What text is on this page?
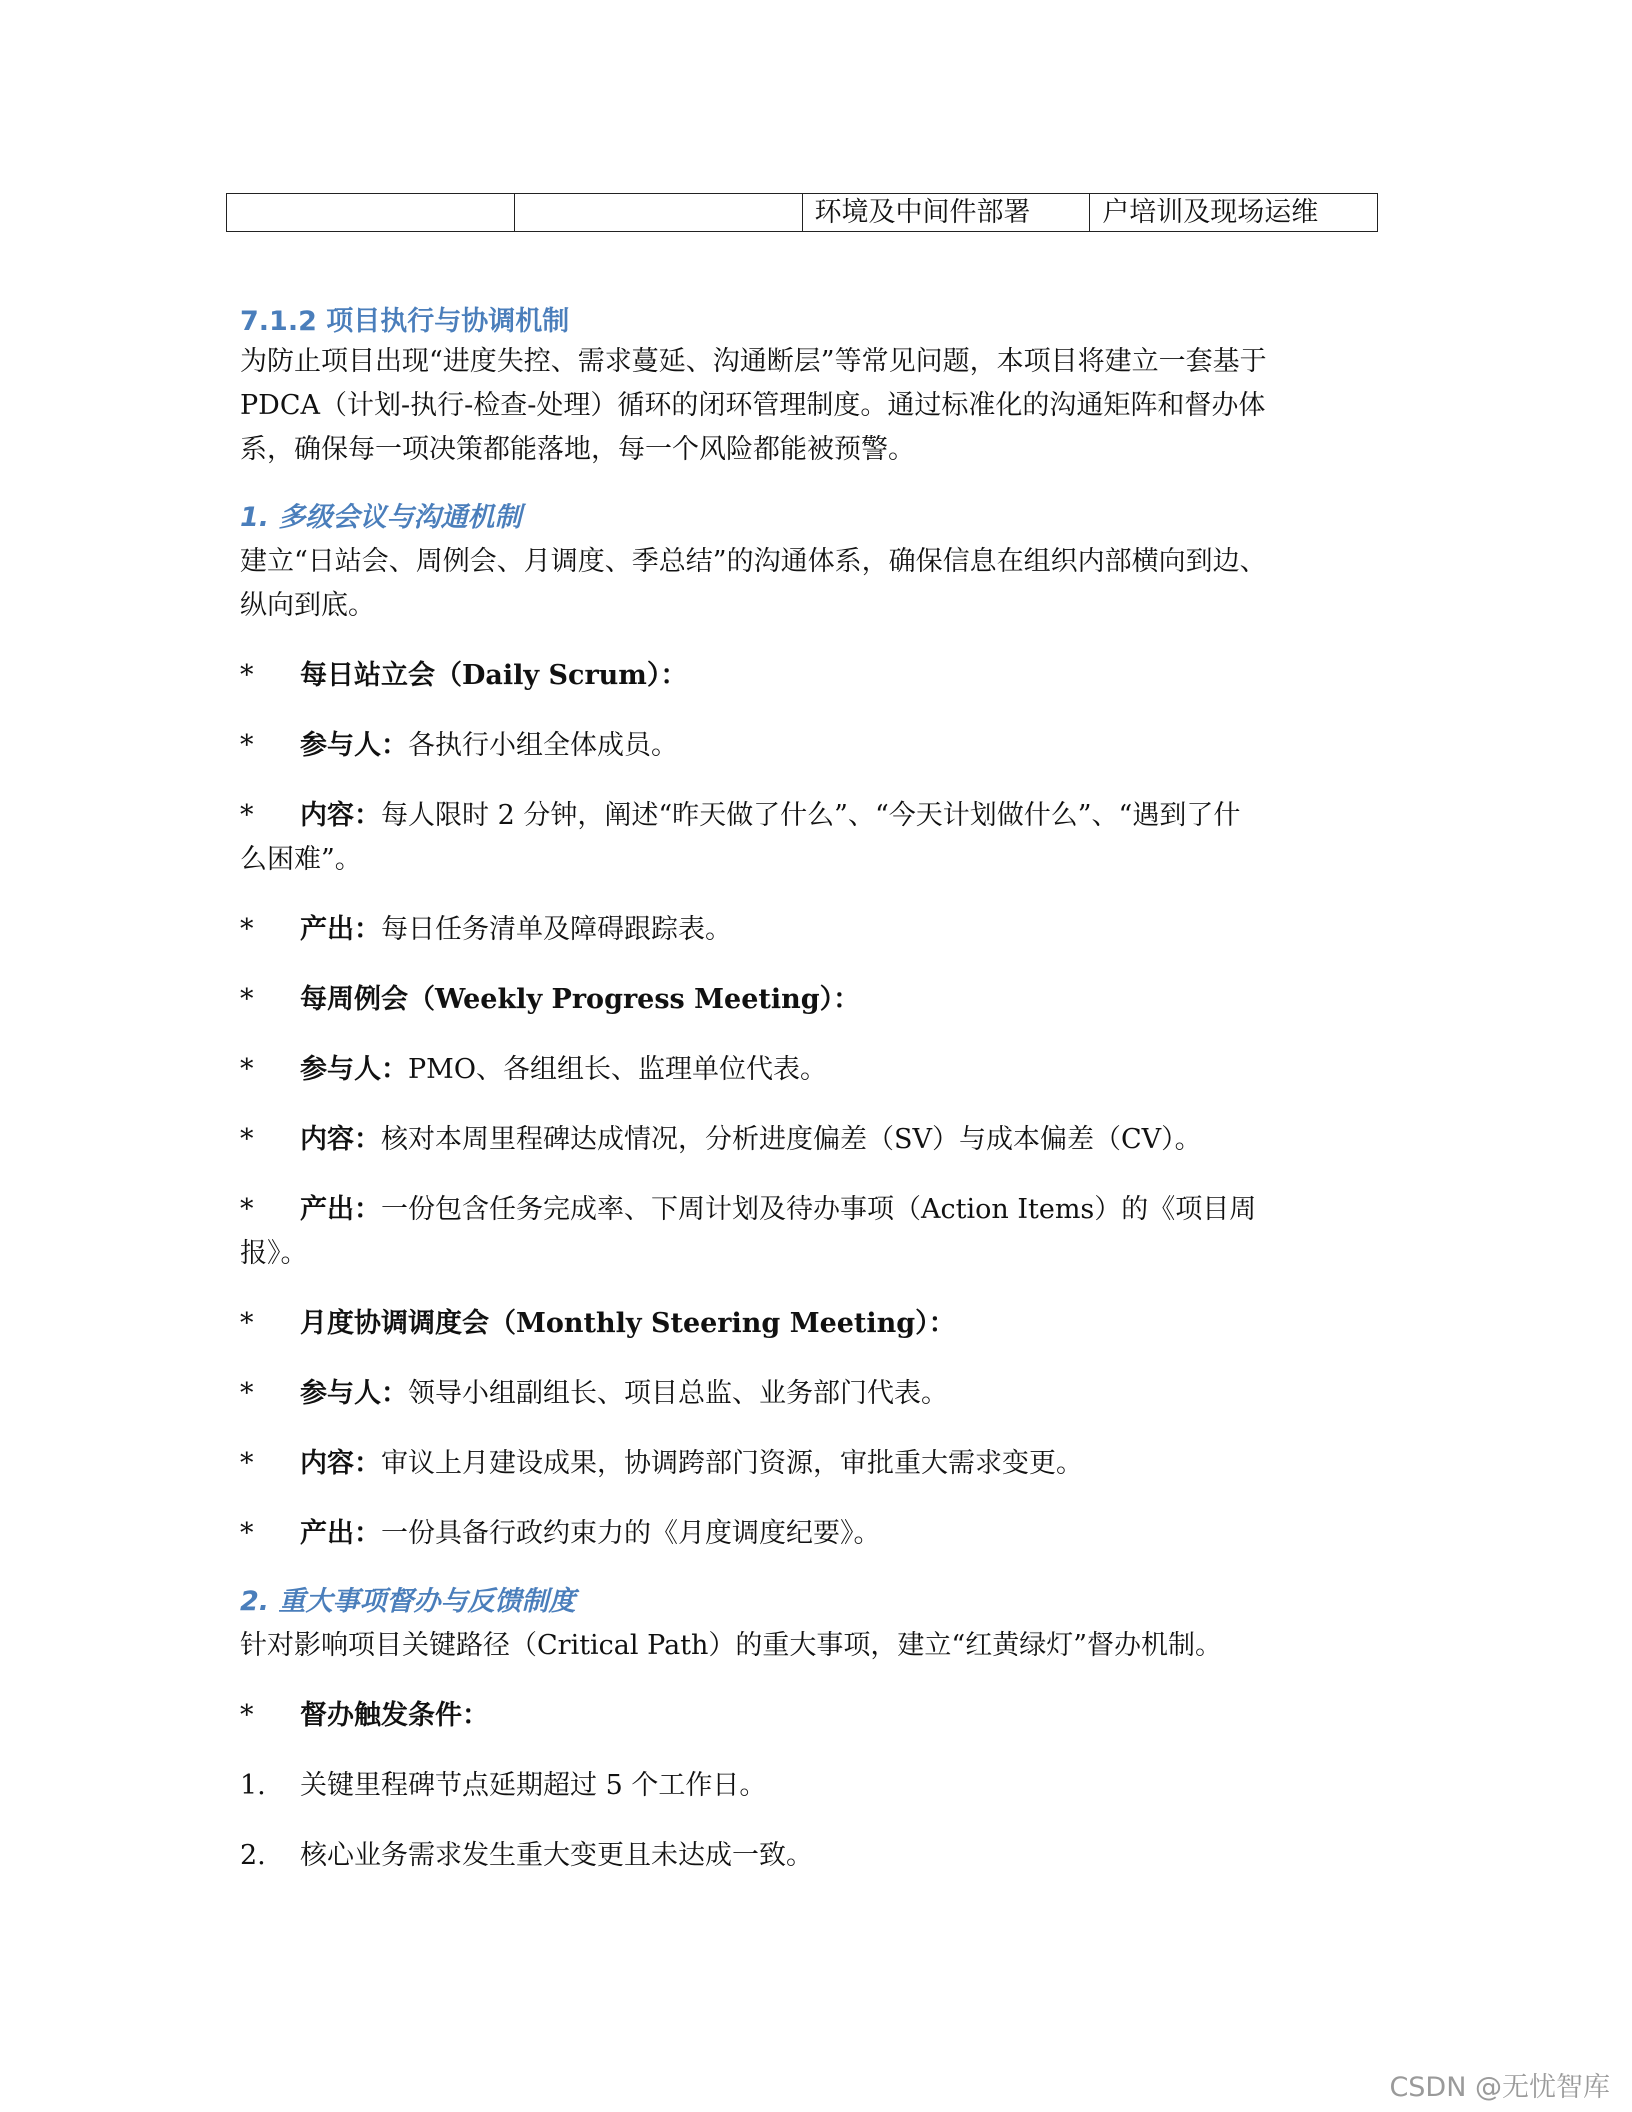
		环境及中间件部署	户培训及现场运维
7.1.2 项目执行与协调机制

为防止项目出现“进度失控、需求蔓延、沟通断层”等常见问题，本项目将建立一套基于

PDCA（计划-执行-检查-处理）循环的闭环管理制度。通过标准化的沟通矩阵和督办体

系，确保每一项决策都能落地，每一个风险都能被预警。

1. 多级会议与沟通机制

建立“日站会、周例会、月调度、季总结”的沟通体系，确保信息在组织内部横向到边、

纵向到底。

* 每日站立会（Daily Scrum）：
* 参与人：各执行小组全体成员。
* 内容：每人限时 2 分钟，阐述“昨天做了什么”、“今天计划做什么”、“遇到了什
么困难”。
* 产出：每日任务清单及障碍跟踪表。
* 每周例会（Weekly Progress Meeting）：
* 参与人：PMO、各组组长、监理单位代表。
* 内容：核对本周里程碑达成情况，分析进度偏差（SV）与成本偏差（CV）。
* 产出：一份包含任务完成率、下周计划及待办事项（Action Items）的《项目周
报》。
* 月度协调调度会（Monthly Steering Meeting）：
* 参与人：领导小组副组长、项目总监、业务部门代表。
* 内容：审议上月建设成果，协调跨部门资源，审批重大需求变更。
* 产出：一份具备行政约束力的《月度调度纪要》。
2. 重大事项督办与反馈制度

针对影响项目关键路径（Critical Path）的重大事项，建立“红黄绿灯”督办机制。

* 督办触发条件：
1. 关键里程碑节点延期超过 5 个工作日。
2. 核心业务需求发生重大变更且未达成一致。
CSDN @无忧智库
